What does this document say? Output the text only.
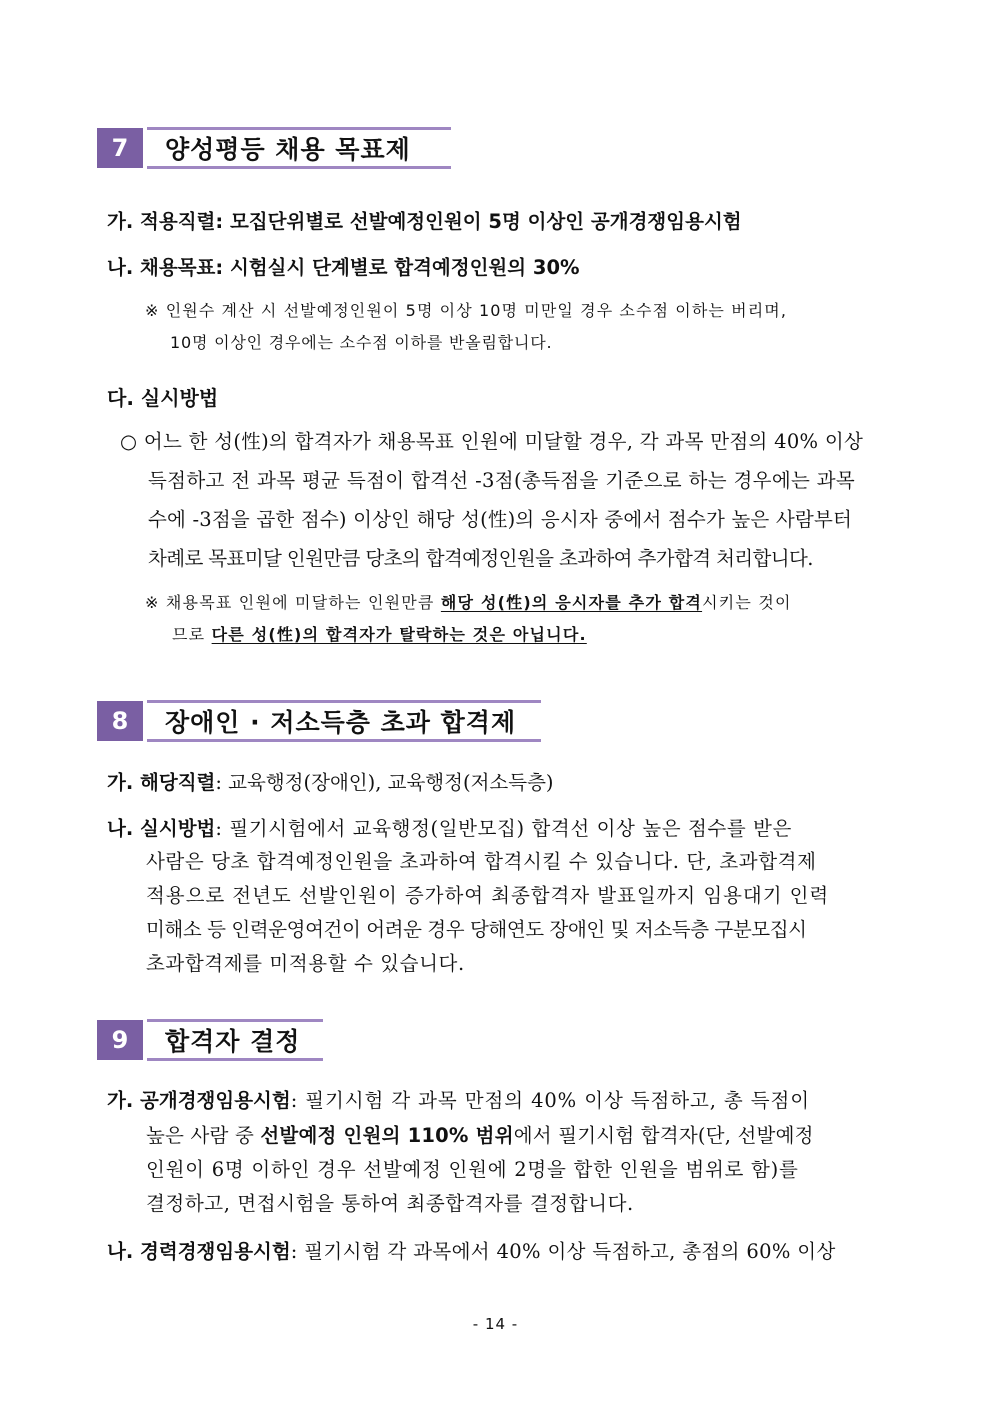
7	양성평등 채용 목표제
가. 적용직렬: 모집단위별로 선발예정인원이 5명 이상인 공개경쟁임용시험
나. 채용목표: 시험실시 단계별로 합격예정인원의 30%
※ 인원수 계산 시 선발예정인원이 5명 이상 10명 미만일 경우 소수점 이하는 버리며,
10명 이상인 경우에는 소수점 이하를 반올림합니다.
다. 실시방법
○ 어느 한 성(性)의 합격자가 채용목표 인원에 미달할 경우, 각 과목 만점의 40% 이상
득점하고 전 과목 평균 득점이 합격선 -3점(총득점을 기준으로 하는 경우에는 과목
수에 -3점을 곱한 점수) 이상인 해당 성(性)의 응시자 중에서 점수가 높은 사람부터
차례로 목표미달 인원만큼 당초의 합격예정인원을 초과하여 추가합격 처리합니다.
※ 채용목표 인원에 미달하는 인원만큼 해당 성(性)의 응시자를 추가 합격시키는 것이
므로 다른 성(性)의 합격자가 탈락하는 것은 아닙니다.
8	장애인 · 저소득층 초과 합격제
가. 해당직렬: 교육행정(장애인), 교육행정(저소득층)
나. 실시방법: 필기시험에서 교육행정(일반모집) 합격선 이상 높은 점수를 받은
사람은 당초 합격예정인원을 초과하여 합격시킬 수 있습니다. 단, 초과합격제
적용으로 전년도 선발인원이 증가하여 최종합격자 발표일까지 임용대기 인력
미해소 등 인력운영여건이 어려운 경우 당해연도 장애인 및 저소득층 구분모집시
초과합격제를 미적용할 수 있습니다.
9	합격자 결정
가. 공개경쟁임용시험: 필기시험 각 과목 만점의 40% 이상 득점하고, 총 득점이
높은 사람 중 선발예정 인원의 110% 범위에서 필기시험 합격자(단, 선발예정
인원이 6명 이하인 경우 선발예정 인원에 2명을 합한 인원을 범위로 함)를
결정하고, 면접시험을 통하여 최종합격자를 결정합니다.
나. 경력경쟁임용시험: 필기시험 각 과목에서 40% 이상 득점하고, 총점의 60% 이상
- 14 -
